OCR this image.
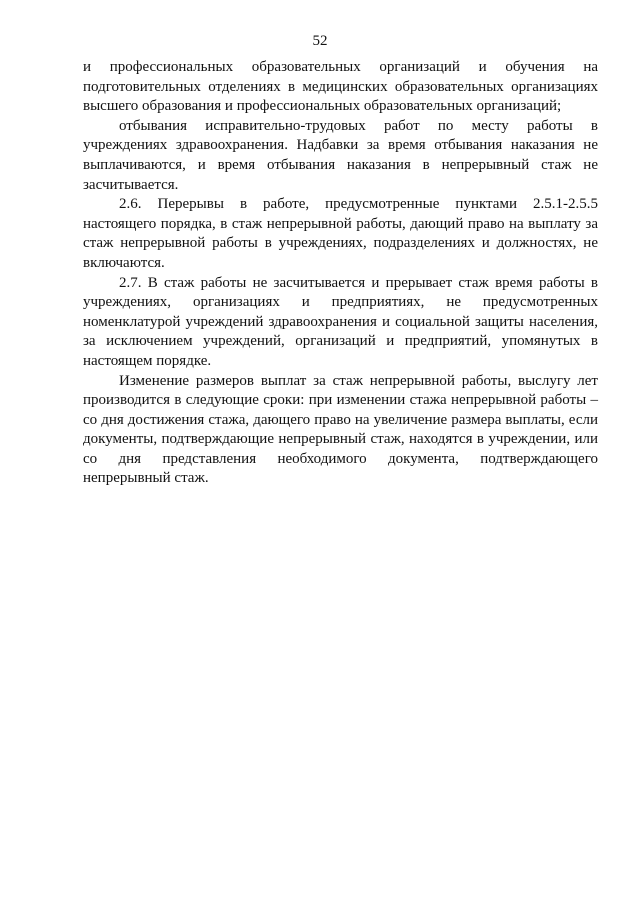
52

и профессиональных образовательных организаций и обучения на подготовительных отделениях в медицинских образовательных организациях высшего образования и профессиональных образовательных организаций;

отбывания исправительно-трудовых работ по месту работы в учреждениях здравоохранения. Надбавки за время отбывания наказания не выплачиваются, и время отбывания наказания в непрерывный стаж не засчитывается.

2.6. Перерывы в работе, предусмотренные пунктами 2.5.1-2.5.5 настоящего порядка, в стаж непрерывной работы, дающий право на выплату за стаж непрерывной работы в учреждениях, подразделениях и должностях, не включаются.

2.7. В стаж работы не засчитывается и прерывает стаж время работы в учреждениях, организациях и предприятиях, не предусмотренных номенклатурой учреждений здравоохранения и социальной защиты населения, за исключением учреждений, организаций и предприятий, упомянутых в настоящем порядке.

Изменение размеров выплат за стаж непрерывной работы, выслугу лет производится в следующие сроки: при изменении стажа непрерывной работы – со дня достижения стажа, дающего право на увеличение размера выплаты, если документы, подтверждающие непрерывный стаж, находятся в учреждении, или со дня представления необходимого документа, подтверждающего непрерывный стаж.
